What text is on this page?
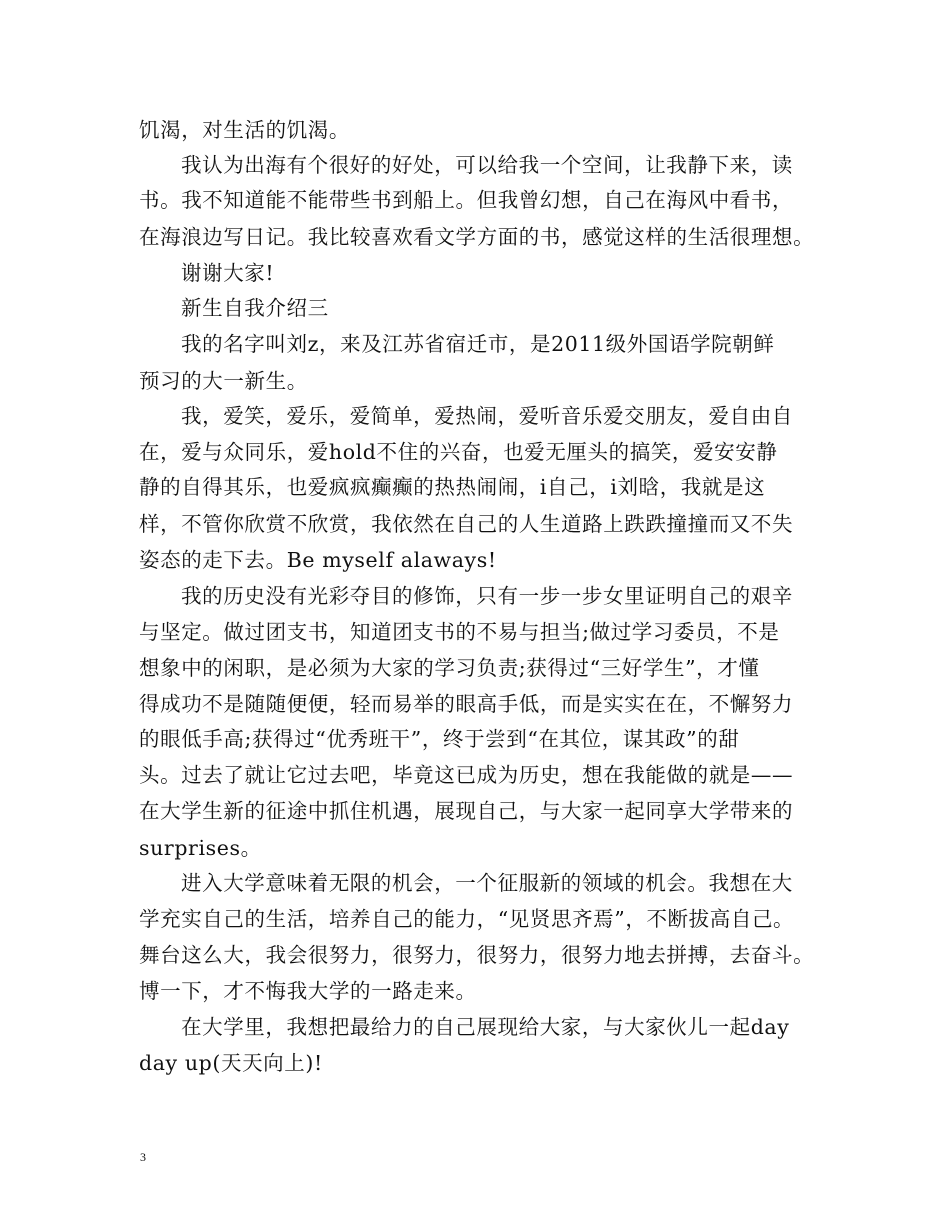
饥渴，对生活的饥渴。
我认为出海有个很好的好处，可以给我一个空间，让我静下来，读
书。我不知道能不能带些书到船上。但我曾幻想，自己在海风中看书，
在海浪边写日记。我比较喜欢看文学方面的书，感觉这样的生活很理想。
谢谢大家!
新生自我介绍三
我的名字叫刘z，来及江苏省宿迁市，是2011级外国语学院朝鲜
预习的大一新生。
我，爱笑，爱乐，爱简单，爱热闹，爱听音乐爱交朋友，爱自由自
在，爱与众同乐，爱hold不住的兴奋，也爱无厘头的搞笑，爱安安静
静的自得其乐，也爱疯疯癫癫的热热闹闹，i自己，i刘晗，我就是这
样，不管你欣赏不欣赏，我依然在自己的人生道路上跌跌撞撞而又不失
姿态的走下去。Be myself alaways!
我的历史没有光彩夺目的修饰，只有一步一步女里证明自己的艰辛
与坚定。做过团支书，知道团支书的不易与担当;做过学习委员，不是
想象中的闲职，是必须为大家的学习负责;获得过“三好学生”，才懂
得成功不是随随便便，轻而易举的眼高手低，而是实实在在，不懈努力
的眼低手高;获得过“优秀班干”，终于尝到“在其位，谋其政”的甜
头。过去了就让它过去吧，毕竟这已成为历史，想在我能做的就是——
在大学生新的征途中抓住机遇，展现自己，与大家一起同享大学带来的
surprises。
进入大学意味着无限的机会，一个征服新的领域的机会。我想在大
学充实自己的生活，培养自己的能力，“见贤思齐焉”，不断拔高自己。
舞台这么大，我会很努力，很努力，很努力，很努力地去拼搏，去奋斗。
博一下，才不悔我大学的一路走来。
在大学里，我想把最给力的自己展现给大家，与大家伙儿一起day
day up(天天向上)!
3
